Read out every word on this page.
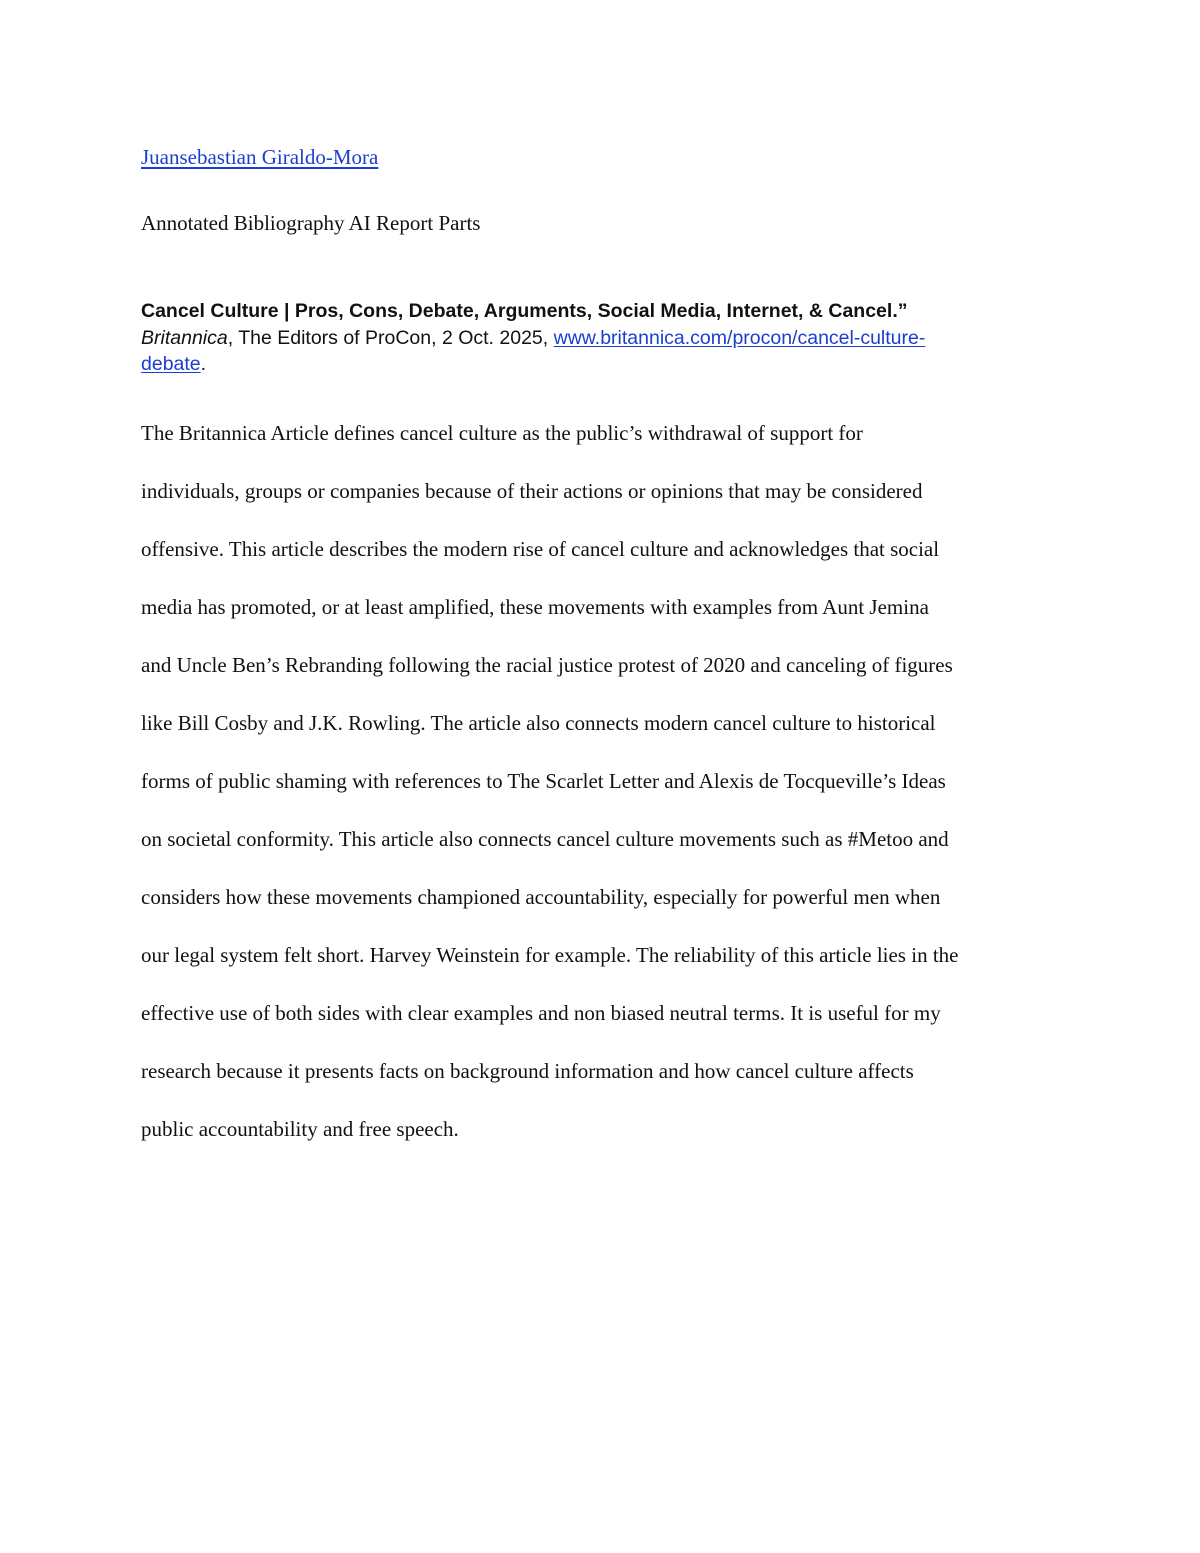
Juansebastian Giraldo-Mora
Annotated Bibliography AI Report Parts
Cancel Culture | Pros, Cons, Debate, Arguments, Social Media, Internet, & Cancel.”
Britannica, The Editors of ProCon, 2 Oct. 2025, www.britannica.com/procon/cancel-culture-
debate.
The Britannica Article defines cancel culture as the public’s withdrawal of support for
individuals, groups or companies because of their actions or opinions that may be considered
offensive. This article describes the modern rise of cancel culture and acknowledges that social
media has promoted, or at least amplified, these movements with examples from Aunt Jemina
and Uncle Ben’s Rebranding following the racial justice protest of 2020 and canceling of figures
like Bill Cosby and J.K. Rowling. The article also connects modern cancel culture to historical
forms of public shaming with references to The Scarlet Letter and Alexis de Tocqueville’s Ideas
on societal conformity. This article also connects cancel culture movements such as #Metoo and
considers how these movements championed accountability, especially for powerful men when
our legal system felt short. Harvey Weinstein for example. The reliability of this article lies in the
effective use of both sides with clear examples and non biased neutral terms. It is useful for my
research because it presents facts on background information and how cancel culture affects
public accountability and free speech.
